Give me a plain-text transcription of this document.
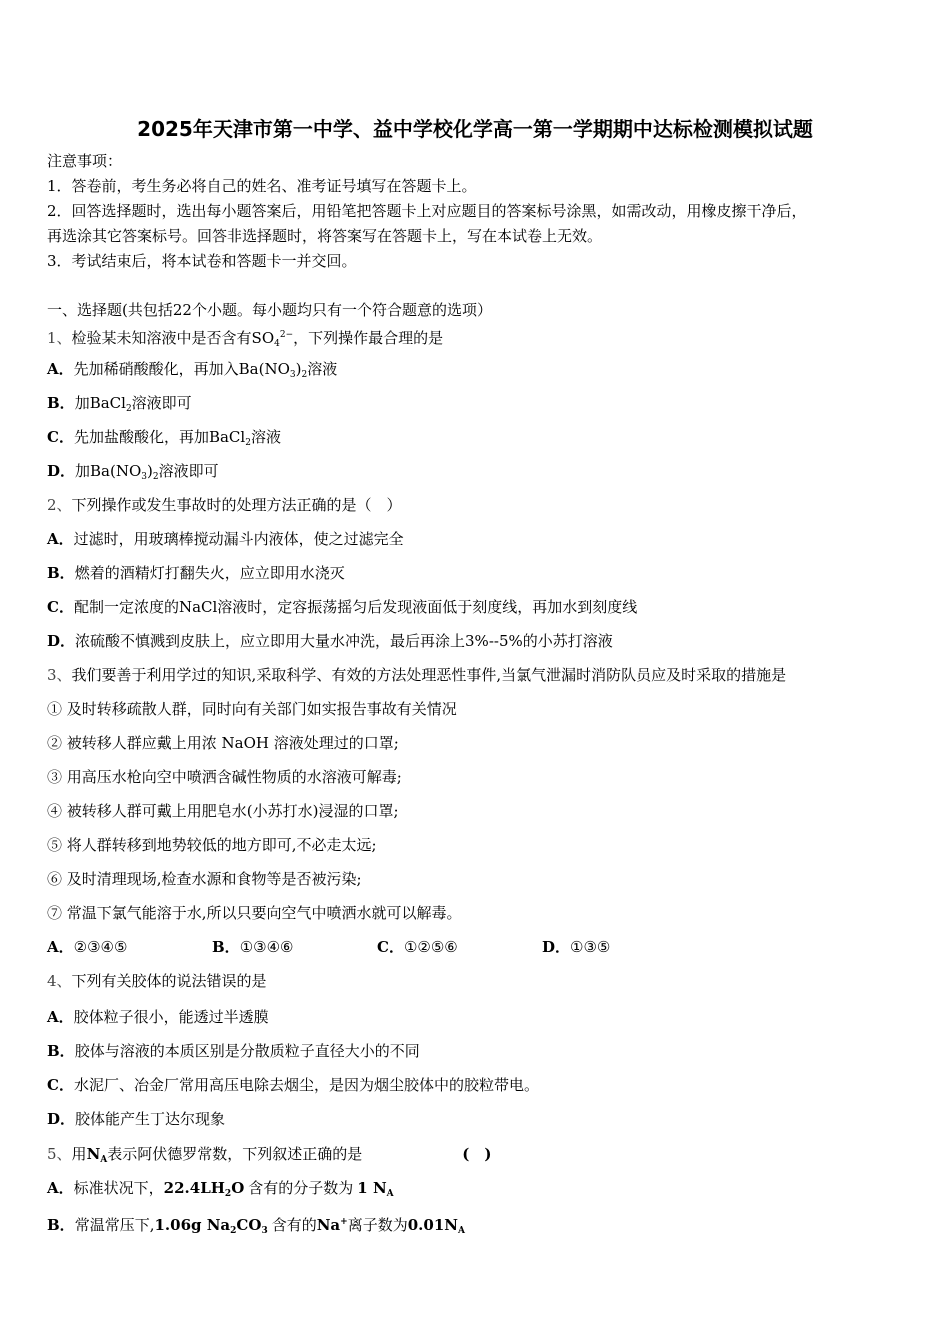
2025年天津市第一中学、益中学校化学高一第一学期期中达标检测模拟试题
注意事项：
1．答卷前，考生务必将自己的姓名、准考证号填写在答题卡上。
2．回答选择题时，选出每小题答案后，用铅笔把答题卡上对应题目的答案标号涂黑，如需改动，用橡皮擦干净后，
再选涂其它答案标号。回答非选择题时，将答案写在答题卡上，写在本试卷上无效。
3．考试结束后，将本试卷和答题卡一并交回。
一、选择题(共包括22个小题。每小题均只有一个符合题意的选项）
1、检验某未知溶液中是否含有$SO_4^{2-}$，下列操作最合理的是
A．先加稀硝酸酸化，再加入$Ba(NO_3)_2$溶液
B．加BaCl$_2$溶液即可
C．先加盐酸酸化，再加BaCl$_2$溶液
D．加$Ba(NO_3)_2$溶液即可
2、下列操作或发生事故时的处理方法正确的是（　）
A．过滤时，用玻璃棒搅动漏斗内液体，使之过滤完全
B．燃着的酒精灯打翻失火，应立即用水浇灭
C．配制一定浓度的NaCl溶液时，定容振荡摇匀后发现液面低于刻度线，再加水到刻度线
D．浓硫酸不慎溅到皮肤上，应立即用大量水冲洗，最后再涂上3%--5%的小苏打溶液
3、我们要善于利用学过的知识,采取科学、有效的方法处理恶性事件,当氯气泄漏时消防队员应及时采取的措施是
① 及时转移疏散人群，同时向有关部门如实报告事故有关情况
② 被转移人群应戴上用浓 NaOH 溶液处理过的口罩;
③ 用高压水枪向空中喷洒含碱性物质的水溶液可解毒;
④ 被转移人群可戴上用肥皂水(小苏打水)浸湿的口罩;
⑤ 将人群转移到地势较低的地方即可,不必走太远;
⑥ 及时清理现场,检查水源和食物等是否被污染;
⑦ 常温下氯气能溶于水,所以只要向空气中喷洒水就可以解毒。
A．②③④⑤	B．①③④⑥	C．①②⑤⑥	D．①③⑤
4、下列有关胶体的说法错误的是
A．胶体粒子很小，能透过半透膜
B．胶体与溶液的本质区别是分散质粒子直径大小的不同
C．水泥厂、冶金厂常用高压电除去烟尘，是因为烟尘胶体中的胶粒带电。
D．胶体能产生丁达尔现象
5、用$N_A$表示阿伏德罗常数，下列叙述正确的是	(　)
A．标准状况下，$22.4LH_2O$ 含有的分子数为 1 $N_A$
B．常温常压下,1.06g $Na_2CO_3$ 含有的Na+离子数为$0.01N_A$
